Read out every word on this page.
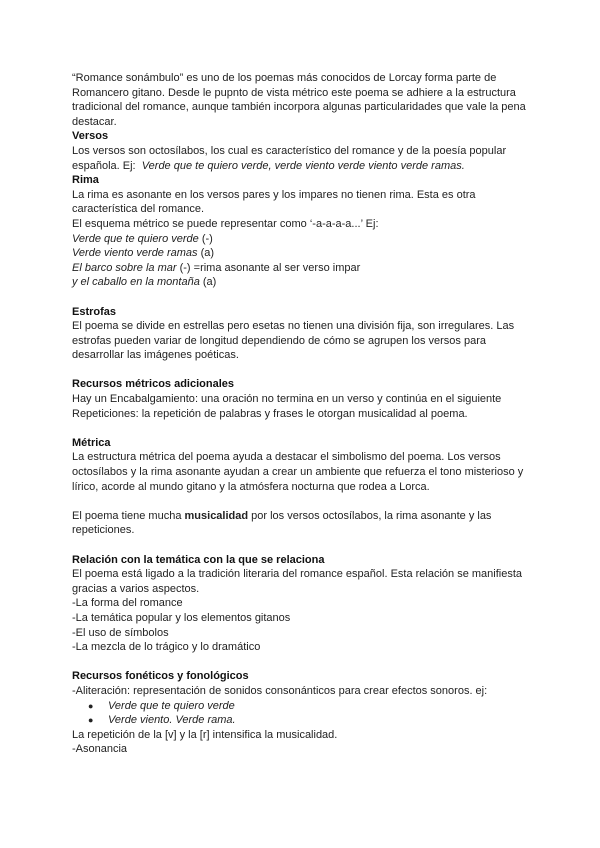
“Romance sonámbulo” es uno de los poemas más conocidos de Lorcay forma parte de Romancero gitano. Desde le pupnto de vista métrico este poema se adhiere a la estructura tradicional del romance, aunque también incorpora algunas particularidades que vale la pena destacar.

Versos

Los versos son octosílabos, los cual es característico del romance y de la poesía popular española. Ej: Verde que te quiero verde, verde viento verde viento verde ramas.

Rima

La rima es asonante en los versos pares y los impares no tienen rima. Esta es otra característica del romance.

El esquema métrico se puede representar como ‘-a-a-a-a...’ Ej:

Verde que te quiero verde (-)

Verde viento verde ramas (a)

El barco sobre la mar (-) =rima asonante al ser verso impar

y el caballo en la montaña (a)

Estrofas

El poema se divide en estrellas pero esetas no tienen una división fija, son irregulares. Las estrofas pueden variar de longitud dependiendo de cómo se agrupen los versos para desarrollar las imágenes poéticas.

Recursos métricos adicionales

Hay un Encabalgamiento: una oración no termina en un verso y continúa en el siguiente

Repeticiones: la repetición de palabras y frases le otorgan musicalidad al poema.

Métrica

La estructura métrica del poema ayuda a destacar el simbolismo del poema. Los versos octosílabos y la rima asonante ayudan a crear un ambiente que refuerza el tono misterioso y lírico, acorde al mundo gitano y la atmósfera nocturna que rodea a Lorca.

El poema tiene mucha musicalidad por los versos octosílabos, la rima asonante y las repeticiones.

Relación con la temática con la que se relaciona

El poema está ligado a la tradición literaria del romance español. Esta relación se manifiesta gracias a varios aspectos.

-La forma del romance

-La temática popular y los elementos gitanos

-El uso de símbolos

-La mezcla de lo trágico y lo dramático

Recursos fonéticos y fonológicos

-Aliteración: representación de sonidos consonánticos para crear efectos sonoros. ej:

● Verde que te quiero verde
● Verde viento. Verde rama.

La repetición de la [v] y la [r] intensifica la musicalidad.

-Asonancia
